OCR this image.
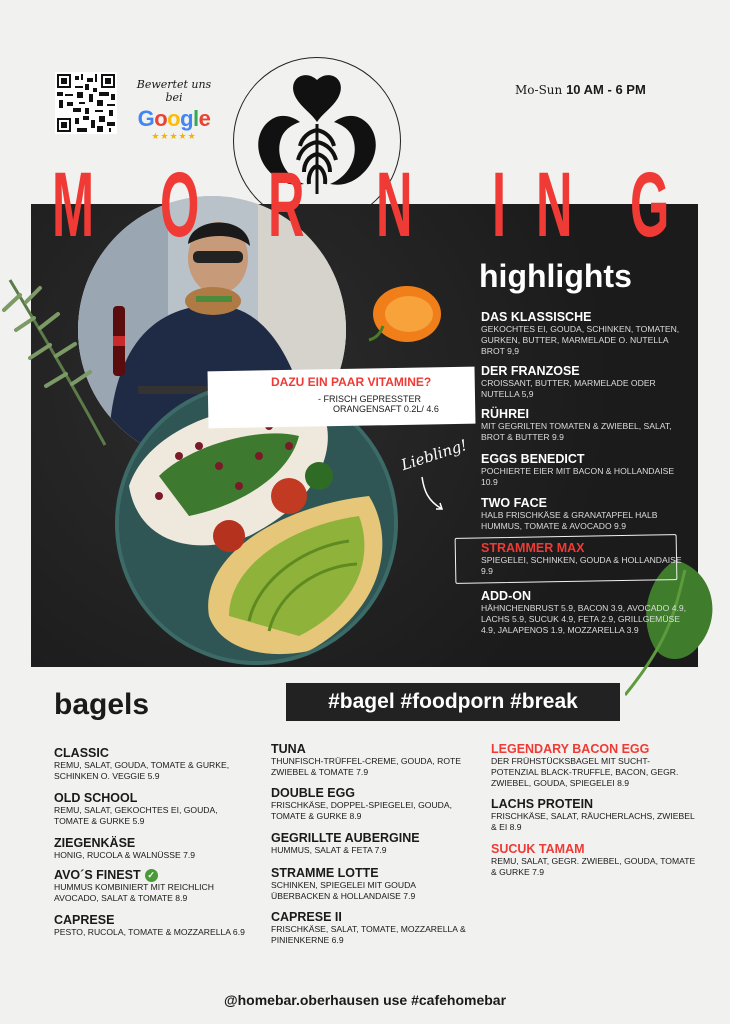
Bewertet uns bei
Google
★★★★★
Mo-Sun 10 AM - 6 PM
M O R N I N G
highlights
DAS KLASSISCHE
GEKOCHTES EI, GOUDA, SCHINKEN, TOMATEN, GURKEN, BUTTER, MARMELADE O. NUTELLA BROT 9,9
DER FRANZOSE
CROISSANT, BUTTER, MARMELADE ODER NUTELLA 5,9
RÜHREI
MIT GEGRILTEN TOMATEN & ZWIEBEL, SALAT, BROT & BUTTER 9.9
EGGS BENEDICT
POCHIERTE EIER MIT BACON & HOLLANDAISE 10.9
TWO FACE
HALB FRISCHKÄSE & GRANATAPFEL HALB HUMMUS, TOMATE & AVOCADO 9.9
STRAMMER MAX
SPIEGELEI, SCHINKEN, GOUDA & HOLLANDAISE 9.9
ADD-ON
HÄHNCHENBRUST 5.9, BACON 3.9, AVOCADO 4.9, LACHS 5.9, SUCUK 4.9, FETA 2.9, GRILLGEMÜSE 4.9, JALAPENOS 1.9, MOZZARELLA 3.9
Liebling!
DAZU EIN PAAR VITAMINE?
- FRISCH GEPRESSTER
ORANGENSAFT 0.2L/ 4.6
bagels	#bagel #foodporn #break
CLASSIC
REMU, SALAT, GOUDA, TOMATE & GURKE, SCHINKEN O. VEGGIE 5.9
OLD SCHOOL
REMU, SALAT, GEKOCHTES EI, GOUDA, TOMATE & GURKE 5.9
ZIEGENKÄSE
HONIG, RUCOLA & WALNÜSSE 7.9
AVO´S FINEST ✓
HUMMUS KOMBINIERT MIT REICHLICH AVOCADO, SALAT & TOMATE 8.9
CAPRESE
PESTO, RUCOLA, TOMATE & MOZZARELLA 6.9
TUNA
THUNFISCH-TRÜFFEL-CREME, GOUDA, ROTE ZWIEBEL & TOMATE 7.9
DOUBLE EGG
FRISCHKÄSE, DOPPEL-SPIEGELEI, GOUDA, TOMATE & GURKE 8.9
GEGRILLTE AUBERGINE
HUMMUS, SALAT & FETA 7.9
STRAMME LOTTE
SCHINKEN, SPIEGELEI MIT GOUDA ÜBERBACKEN & HOLLANDAISE 7.9
CAPRESE II
FRISCHKÄSE, SALAT, TOMATE, MOZZARELLA & PINIENKERNE 6.9
LEGENDARY BACON EGG
DER FRÜHSTÜCKSBAGEL MIT SUCHT-POTENZIAL BLACK-TRUFFLE, BACON, GEGR. ZWIEBEL, GOUDA, SPIEGELEI 8.9
LACHS PROTEIN
FRISCHKÄSE, SALAT, RÄUCHERLACHS, ZWIEBEL & EI 8.9
SUCUK TAMAM
REMU, SALAT, GEGR. ZWIEBEL, GOUDA, TOMATE & GURKE 7.9
@homebar.oberhausen use #cafehomebar
